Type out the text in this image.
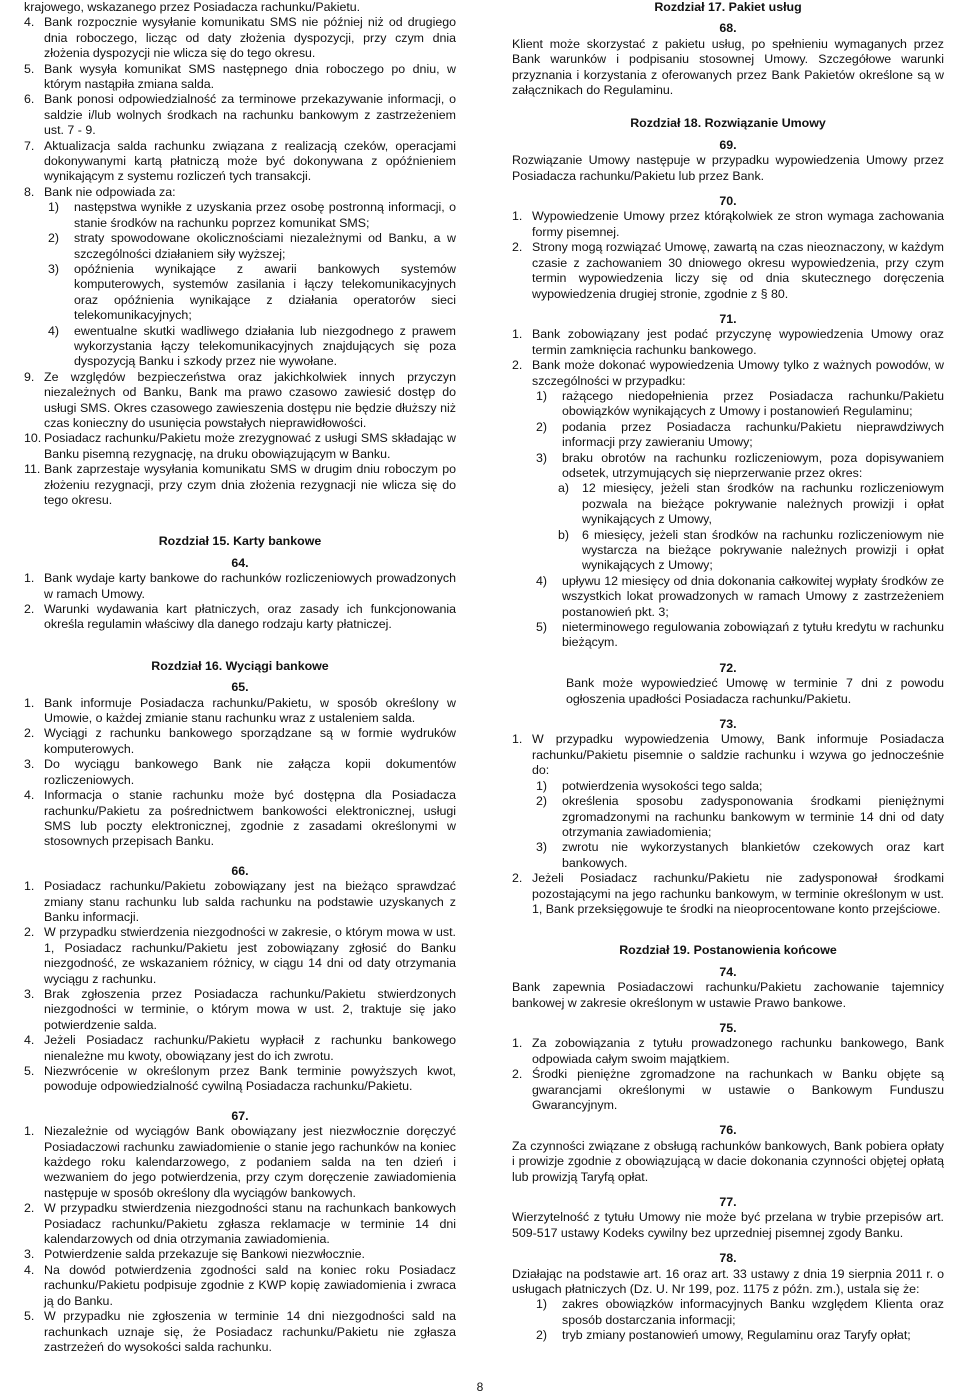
krajowego, wskazanego przez Posiadacza rachunku/Pakietu.

4. Bank rozpocznie wysyłanie komunikatu SMS nie później niż od drugiego dnia roboczego, licząc od daty złożenia dyspozycji, przy czym dnia złożenia dyspozycji nie wlicza się do tego okresu.
5. Bank wysyła komunikat SMS następnego dnia roboczego po dniu, w którym nastąpiła zmiana salda.
6. Bank ponosi odpowiedzialność za terminowe przekazywanie informacji, o saldzie i/lub wolnych środkach na rachunku bankowym z zastrzeżeniem ust. 7 - 9.
7. Aktualizacja salda rachunku związana z realizacją czeków, operacjami dokonywanymi kartą płatniczą może być dokonywana z opóźnieniem wynikającym z systemu rozliczeń tych transakcji.
8. Bank nie odpowiada za:
1)	następstwa wynikłe z uzyskania przez osobę postronną informacji, o stanie środków na rachunku poprzez komunikat SMS;
2)	straty spowodowane okolicznościami niezależnymi od Banku, a w szczególności działaniem siły wyższej;
3)	opóźnienia wynikające z awarii bankowych systemów komputerowych, systemów zasilania i łączy telekomunikacyjnych oraz opóźnienia wynikające z działania operatorów sieci telekomunikacyjnych;
4)	ewentualne skutki wadliwego działania lub niezgodnego z prawem wykorzystania łączy telekomunikacyjnych znajdujących się poza dyspozycją Banku i szkody przez nie wywołane.
9. Ze względów bezpieczeństwa oraz jakichkolwiek innych przyczyn niezależnych od Banku, Bank ma prawo czasowo zawiesić dostęp do usługi SMS. Okres czasowego zawieszenia dostępu nie będzie dłuższy niż czas konieczny do usunięcia powstałych nieprawidłowości.
10. Posiadacz rachunku/Pakietu może zrezygnować z usługi SMS składając w Banku pisemną rezygnację, na druku obowiązującym w Banku.
11. Bank zaprzestaje wysyłania komunikatu SMS w drugim dniu roboczym po złożeniu rezygnacji, przy czym dnia złożenia rezygnacji nie wlicza się do tego okresu.
Rozdział 15. Karty bankowe
64.
1. Bank wydaje karty bankowe do rachunków rozliczeniowych prowadzonych w ramach Umowy.
2. Warunki wydawania kart płatniczych, oraz zasady ich funkcjonowania określa regulamin właściwy dla danego rodzaju karty płatniczej.
Rozdział 16. Wyciągi bankowe
65.
1. Bank informuje Posiadacza rachunku/Pakietu, w sposób określony w Umowie, o każdej zmianie stanu rachunku wraz z ustaleniem salda.
2. Wyciągi z rachunku bankowego sporządzane są w formie wydruków komputerowych.
3. Do wyciągu bankowego Bank nie załącza kopii dokumentów rozliczeniowych.
4. Informacja o stanie rachunku może być dostępna dla Posiadacza rachunku/Pakietu za pośrednictwem bankowości elektronicznej, usługi SMS lub poczty elektronicznej, zgodnie z zasadami określonymi w stosownych przepisach Banku.
66.
1. Posiadacz rachunku/Pakietu zobowiązany jest na bieżąco sprawdzać zmiany stanu rachunku lub salda rachunku na podstawie uzyskanych z Banku informacji.
2. W przypadku stwierdzenia niezgodności w zakresie, o którym mowa w ust. 1, Posiadacz rachunku/Pakietu jest zobowiązany zgłosić do Banku niezgodność, ze wskazaniem różnicy, w ciągu 14 dni od daty otrzymania wyciągu z rachunku.
3. Brak zgłoszenia przez Posiadacza rachunku/Pakietu stwierdzonych niezgodności w terminie, o którym mowa w ust. 2, traktuje się jako potwierdzenie salda.
4. Jeżeli Posiadacz rachunku/Pakietu wypłacił z rachunku bankowego nienależne mu kwoty, obowiązany jest do ich zwrotu.
5. Niezwrócenie w określonym przez Bank terminie powyższych kwot, powoduje odpowiedzialność cywilną Posiadacza rachunku/Pakietu.
67.
1. Niezależnie od wyciągów Bank obowiązany jest niezwłocznie doręczyć Posiadaczowi rachunku zawiadomienie o stanie jego rachunków na koniec każdego roku kalendarzowego, z podaniem salda na ten dzień i wezwaniem do jego potwierdzenia, przy czym doręczenie zawiadomienia następuje w sposób określony dla wyciągów bankowych.
2. W przypadku stwierdzenia niezgodności stanu na rachunkach bankowych Posiadacz rachunku/Pakietu zgłasza reklamacje w terminie 14 dni kalendarzowych od dnia otrzymania zawiadomienia.
3. Potwierdzenie salda przekazuje się Bankowi niezwłocznie.
4. Na dowód potwierdzenia zgodności sald na koniec roku Posiadacz rachunku/Pakietu podpisuje zgodnie z KWP kopię zawiadomienia i zwraca ją do Banku.
5. W przypadku nie zgłoszenia w terminie 14 dni niezgodności sald na rachunkach uznaje się, że Posiadacz rachunku/Pakietu nie zgłasza zastrzeżeń do wysokości salda rachunku.
Rozdział 17. Pakiet usług
68.

Klient może skorzystać z pakietu usług, po spełnieniu wymaganych przez Bank warunków i podpisaniu stosownej Umowy. Szczegółowe warunki przyznania i korzystania z oferowanych przez Bank Pakietów określone są w załącznikach do Regulaminu.

Rozdział 18. Rozwiązanie Umowy
69.

Rozwiązanie Umowy następuje w przypadku wypowiedzenia Umowy przez Posiadacza rachunku/Pakietu lub przez Bank.

70.
1. Wypowiedzenie Umowy przez którąkolwiek ze stron wymaga zachowania formy pisemnej.
2. Strony mogą rozwiązać Umowę, zawartą na czas nieoznaczony, w każdym czasie z zachowaniem 30 dniowego okresu wypowiedzenia, przy czym termin wypowiedzenia liczy się od dnia skutecznego doręczenia wypowiedzenia drugiej stronie, zgodnie z § 80.
71.
1. Bank zobowiązany jest podać przyczynę wypowiedzenia Umowy oraz termin zamknięcia rachunku bankowego.
2. Bank może dokonać wypowiedzenia Umowy tylko z ważnych powodów, w szczególności w przypadku:
1)	rażącego niedopełnienia przez Posiadacza rachunku/Pakietu obowiązków wynikających z Umowy i postanowień Regulaminu;
2)	podania przez Posiadacza rachunku/Pakietu nieprawdziwych informacji przy zawieraniu Umowy;
3)	braku obrotów na rachunku rozliczeniowym, poza dopisywaniem odsetek, utrzymujących się nieprzerwanie przez okres:
a)	12 miesięcy, jeżeli stan środków na rachunku rozliczeniowym pozwala na bieżące pokrywanie należnych prowizji i opłat wynikających z Umowy,
b)	6 miesięcy, jeżeli stan środków na rachunku rozliczeniowym nie wystarcza na bieżące pokrywanie należnych prowizji i opłat wynikających z Umowy;
4)	upływu 12 miesięcy od dnia dokonania całkowitej wypłaty środków ze wszystkich lokat prowadzonych w ramach Umowy z zastrzeżeniem postanowień pkt. 3;
5)	nieterminowego regulowania zobowiązań z tytułu kredytu w rachunku bieżącym.
72.

Bank może wypowiedzieć Umowę w terminie 7 dni z powodu ogłoszenia upadłości Posiadacza rachunku/Pakietu.

73.
1. W przypadku wypowiedzenia Umowy, Bank informuje Posiadacza rachunku/Pakietu pisemnie o saldzie rachunku i wzywa go jednocześnie do:
1)	potwierdzenia wysokości tego salda;
2)	określenia sposobu zadysponowania środkami pieniężnymi zgromadzonymi na rachunku bankowym w terminie 14 dni od daty otrzymania zawiadomienia;
3)	zwrotu nie wykorzystanych blankietów czekowych oraz kart bankowych.
2. Jeżeli Posiadacz rachunku/Pakietu nie zadysponował środkami pozostającymi na jego rachunku bankowym, w terminie określonym w ust. 1, Bank przeksięgowuje te środki na nieoprocentowane konto przejściowe.
Rozdział 19. Postanowienia końcowe
74.

Bank zapewnia Posiadaczowi rachunku/Pakietu zachowanie tajemnicy bankowej w zakresie określonym w ustawie Prawo bankowe.

75.
1. Za zobowiązania z tytułu prowadzonego rachunku bankowego, Bank odpowiada całym swoim majątkiem.
2. Środki pieniężne zgromadzone na rachunkach w Banku objęte są gwarancjami określonymi w ustawie o Bankowym Funduszu Gwarancyjnym.
76.

Za czynności związane z obsługą rachunków bankowych, Bank pobiera opłaty i prowizje zgodnie z obowiązującą w dacie dokonania czynności objętej opłatą lub prowizją Taryfą opłat.

77.

Wierzytelność z tytułu Umowy nie może być przelana w trybie przepisów art. 509-517 ustawy Kodeks cywilny bez uprzedniej pisemnej zgody Banku.

78.

Działając na podstawie art. 16 oraz art. 33 ustawy z dnia 19 sierpnia 2011 r. o usługach płatniczych (Dz. U. Nr 199, poz. 1175 z późn. zm.), ustala się że:

1)	zakres obowiązków informacyjnych Banku względem Klienta oraz sposób dostarczania informacji;
2)	tryb zmiany postanowień umowy, Regulaminu oraz Taryfy opłat;
8
